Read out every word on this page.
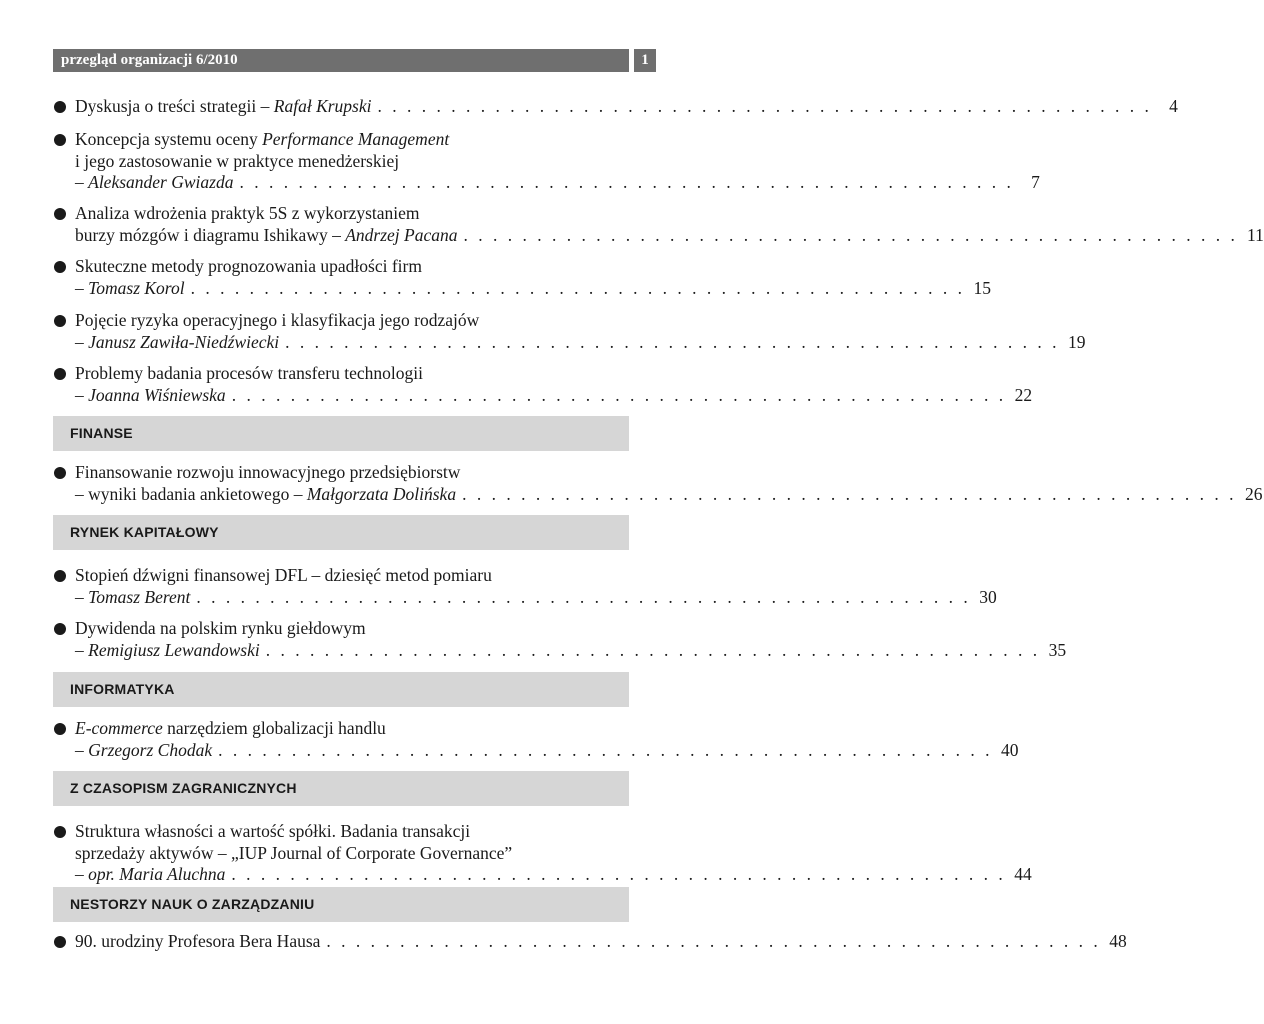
przegląd organizacji 6/2010	1
Dyskusja o treści strategii – Rafał Krupski . . . . . . . . . . . . . . . . . . . . . . . . . . . . . . . . . . . . . . . . . . . . . . . . . . . . . 4
Koncepcja systemu oceny Performance Management
i jego zastosowanie w praktyce menedżerskiej
– Aleksander Gwiazda . . . . . . . . . . . . . . . . . . . . . . . . . . . . . . . . . . . . . . . . . . . . . . . . . . . . . 7
Analiza wdrożenia praktyk 5S z wykorzystaniem
burzy mózgów i diagramu Ishikawy – Andrzej Pacana . . . . . . . . . . . . . . . . . . . . . . . . . . . . . . . . . . . . . . . . . . . . . . . . . . . . . 11
Skuteczne metody prognozowania upadłości firm
– Tomasz Korol . . . . . . . . . . . . . . . . . . . . . . . . . . . . . . . . . . . . . . . . . . . . . . . . . . . . . 15
Pojęcie ryzyka operacyjnego i klasyfikacja jego rodzajów
– Janusz Zawiła-Niedźwiecki . . . . . . . . . . . . . . . . . . . . . . . . . . . . . . . . . . . . . . . . . . . . . . . . . . . . . 19
Problemy badania procesów transferu technologii
– Joanna Wiśniewska . . . . . . . . . . . . . . . . . . . . . . . . . . . . . . . . . . . . . . . . . . . . . . . . . . . . . 22
FINANSE
Finansowanie rozwoju innowacyjnego przedsiębiorstw
– wyniki badania ankietowego – Małgorzata Dolińska . . . . . . . . . . . . . . . . . . . . . . . . . . . . . . . . . . . . . . . . . . . . . . . . . . . . . 26
RYNEK KAPITAŁOWY
Stopień dźwigni finansowej DFL – dziesięć metod pomiaru
– Tomasz Berent . . . . . . . . . . . . . . . . . . . . . . . . . . . . . . . . . . . . . . . . . . . . . . . . . . . . . 30
Dywidenda na polskim rynku giełdowym
– Remigiusz Lewandowski . . . . . . . . . . . . . . . . . . . . . . . . . . . . . . . . . . . . . . . . . . . . . . . . . . . . . 35
INFORMATYKA
E-commerce narzędziem globalizacji handlu
– Grzegorz Chodak . . . . . . . . . . . . . . . . . . . . . . . . . . . . . . . . . . . . . . . . . . . . . . . . . . . . . 40
Z CZASOPISM ZAGRANICZNYCH
Struktura własności a wartość spółki. Badania transakcji
sprzedaży aktywów – „IUP Journal of Corporate Governance”
– opr. Maria Aluchna . . . . . . . . . . . . . . . . . . . . . . . . . . . . . . . . . . . . . . . . . . . . . . . . . . . . . 44
NESTORZY NAUK O ZARZĄDZANIU
90. urodziny Profesora Bera Hausa . . . . . . . . . . . . . . . . . . . . . . . . . . . . . . . . . . . . . . . . . . . . . . . . . . . . . 48
